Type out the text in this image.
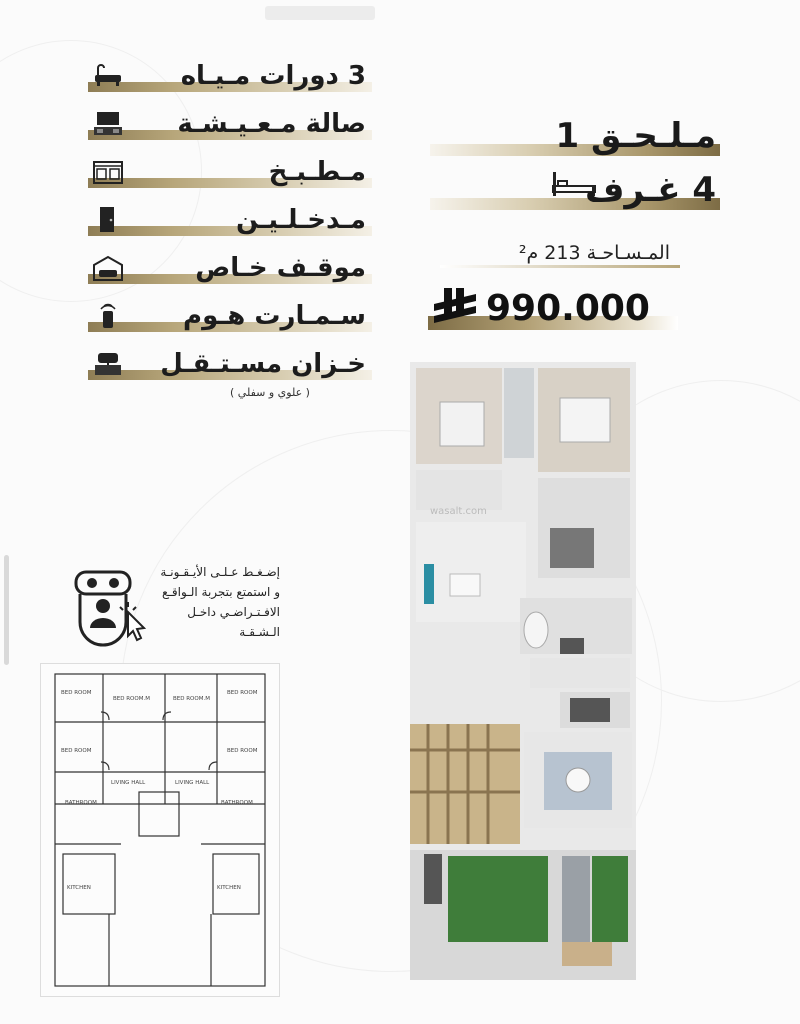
3 دورات مـيـاه
صالة مـعـيـشـة
مـطـبـخ
مـدخـلـيـن
موقـف خـاص
سـمـارت هـوم
خـزان مسـتـقـل
( علوي و سفلي )
مـلـحـق 1
4 غـرف
المـسـاحـة 213 م²
990.000
إضـغـط عـلـى الأيـقـونـة
و استمتع بتجربة الـواقـع
الافـتـراضـي داخـل الـشـقـة
BED ROOM
BED ROOM.M	BED ROOM.M
BED ROOM
BED ROOM	BED ROOM
LIVING HALL	LIVING HALL
BATHROOM	BATHROOM
KITCHEN	KITCHEN
wasalt.com
